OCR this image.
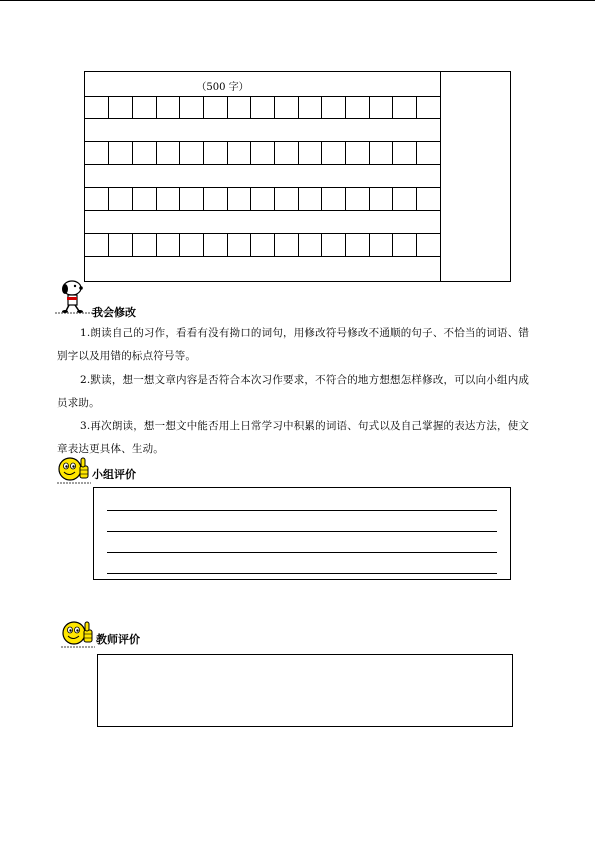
（500 字）
我会修改
1.朗读自己的习作，看看有没有拗口的词句，用修改符号修改不通顺的句子、不恰当的词语、错别字以及用错的标点符号等。
2.默读，想一想文章内容是否符合本次习作要求，不符合的地方想想怎样修改，可以向小组内成员求助。
3.再次朗读，想一想文中能否用上日常学习中积累的词语、句式以及自己掌握的表达方法，使文章表达更具体、生动。
小组评价
教师评价
